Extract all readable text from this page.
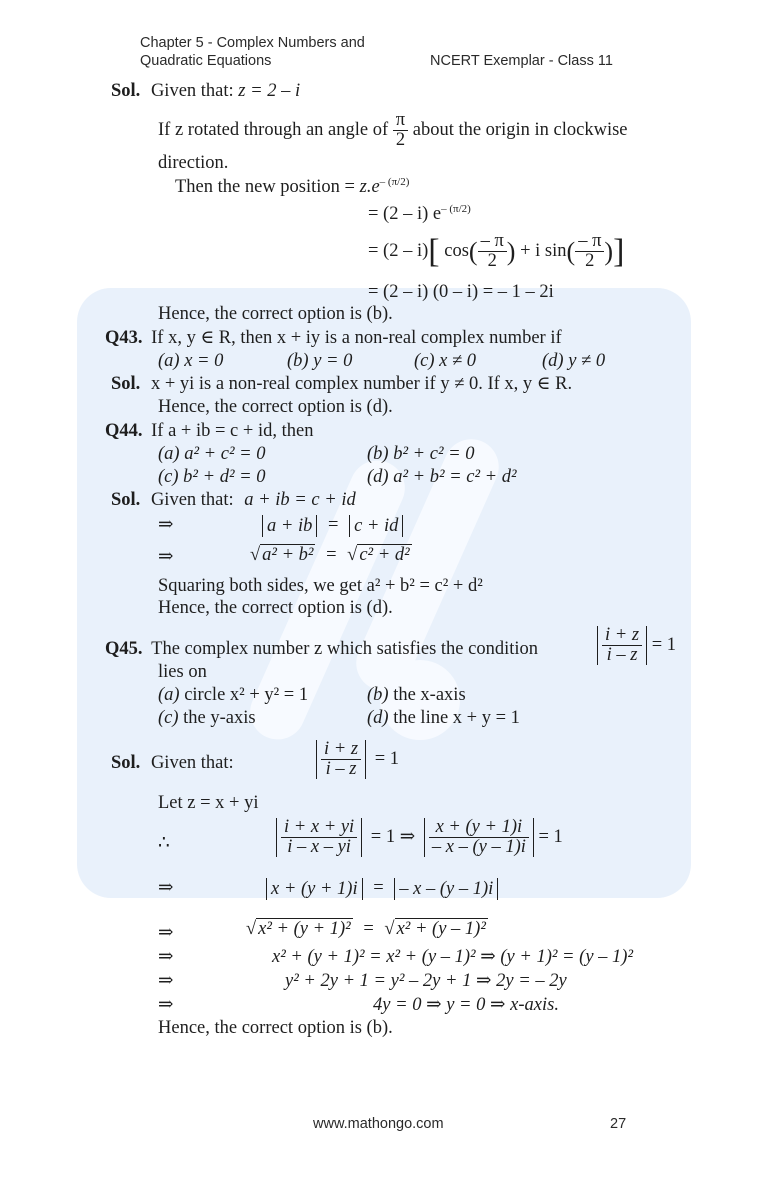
Chapter 5 - Complex Numbers and
Quadratic Equations	NCERT Exemplar - Class 11
Sol. Given that: z = 2 – i
If z rotated through an angle of $\frac{\pi}{2}$ about the origin in clockwise
direction.
Then the new position = $z.e^{- (\pi/2)}$
= (2 – i) $e^{- (\pi/2)}$
= (2 – i)[ $\cos( \frac{- \pi}{2}$ ) + i $\sin( \frac{- \pi}{2}$ )]
= (2 – i) (0 – i) = – 1 – 2i
Hence, the correct option is (b).
Q43. If x, y ∈ R, then x + iy is a non-real complex number if
(a) x = 0	(b) y = 0	(c) x ≠ 0	(d) y ≠ 0
Sol. x + yi is a non-real complex number if y ≠ 0. If x, y ∈ R.
Hence, the correct option is (d).
Q44. If a + ib = c + id, then
(a) a² + c² = 0	(b) b² + c² = 0
(c) b² + d² = 0	(d) a² + b² = c² + d²
Sol. Given that: a + ib = c + id
⇒	a + ib = c + id
⇒	√ a² + b² = √ c² + d²
Squaring both sides, we get a² + b² = c² + d²
Hence, the correct option is (d).
Q45. The complex number z which satisfies the condition	$\frac{i + z}{i - z} = 1$
lies on
(a) circle x² + y² = 1	(b) the x-axis
(c) the y-axis	(d) the line x + y = 1
Sol. Given that:	$\frac{i + z}{i - z} = 1$
Let z = x + yi
∴	$\frac{i + x + yi}{i - x - yi} = 1$ ⇒ $\frac{x + (y + 1)i}{- x - (y - 1)i} = 1$
⇒	x + (y + 1)i = – x – (y – 1)i
⇒	√ x² + (y + 1)² = √ x² + (y – 1)²
⇒	x² + (y + 1)² = x² + (y – 1)² ⇒ (y + 1)² = (y – 1)²
⇒	y² + 2y + 1 = y² – 2y + 1 ⇒ 2y = – 2y
⇒	4y = 0 ⇒ y = 0 ⇒ x-axis.
Hence, the correct option is (b).
www.mathongo.com	27
